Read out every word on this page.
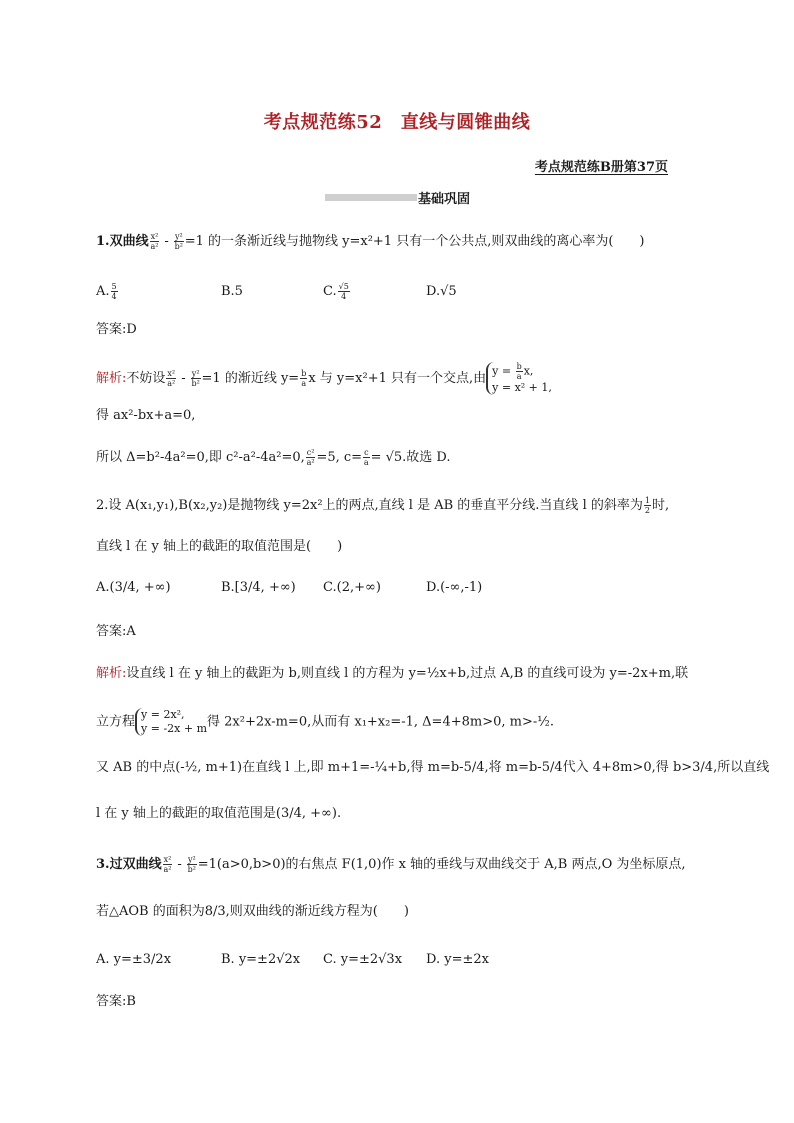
考点规范练52　直线与圆锥曲线
考点规范练B册第37页
基础巩固
1.双曲线 $\frac{\text{x²}}{\text{a²}} - \frac{\text{y²}}{\text{b²}} =1$ 的一条渐近线与抛物线 y=x²+1 只有一个公共点,则双曲线的离心率为(　　)
A. $\frac{5}{4}$	B.5	C. $\frac{√5}{4}$	D.√5
答案:D
解析:不妨设 $\frac{\text{x²}}{\text{a²}} - \frac{\text{y²}}{\text{b²}} =1$ 的渐近线 $y= \frac{b}{a}$ x 与 y=x²+1 只有一个交点,由 $y = \frac{b}{a} x$,
y = x² + 1,
得 ax²-bx+a=0,
所以 Δ=b²-4a²=0,即 c²-a²-4a²=0, $\frac{\text{c²}}{\text{a²}} =5$, $c= \frac{c}{a} = √5$.故选 D.
2.设 A(x₁,y₁),B(x₂,y₂)是抛物线 y=2x²上的两点,直线 l 是 AB 的垂直平分线.当直线 l 的斜率为 $\frac{1}{2}$ 时,
直线 l 在 y 轴上的截距的取值范围是(　　)
A.(3/4, +∞)	B.[3/4, +∞) C.(2,+∞)	D.(-∞,-1)
答案:A
解析:设直线 l 在 y 轴上的截距为 b,则直线 l 的方程为 y=½x+b,过点 A,B 的直线可设为 y=-2x+m,联
立方程 y = 2x²,
y = -2x + m 得 2x²+2x-m=0,从而有 x₁+x₂=-1, Δ=4+8m>0, m>-½.
又 AB 的中点(-½, m+1)在直线 l 上,即 m+1=-¼+b,得 m=b-5/4,将 m=b-5/4代入 4+8m>0,得 b>3/4,所以直线
l 在 y 轴上的截距的取值范围是(3/4, +∞).
3.过双曲线 $\frac{\text{x²}}{\text{a²}} - \frac{\text{y²}}{\text{b²}} =1(a>0,b>0)$的右焦点 F(1,0)作 x 轴的垂线与双曲线交于 A,B 两点,O 为坐标原点,
若△AOB 的面积为8/3,则双曲线的渐近线方程为(　　)
A. y=±3/2x	B. y=±2√2x C. y=±2√3x D. y=±2x
答案:B
